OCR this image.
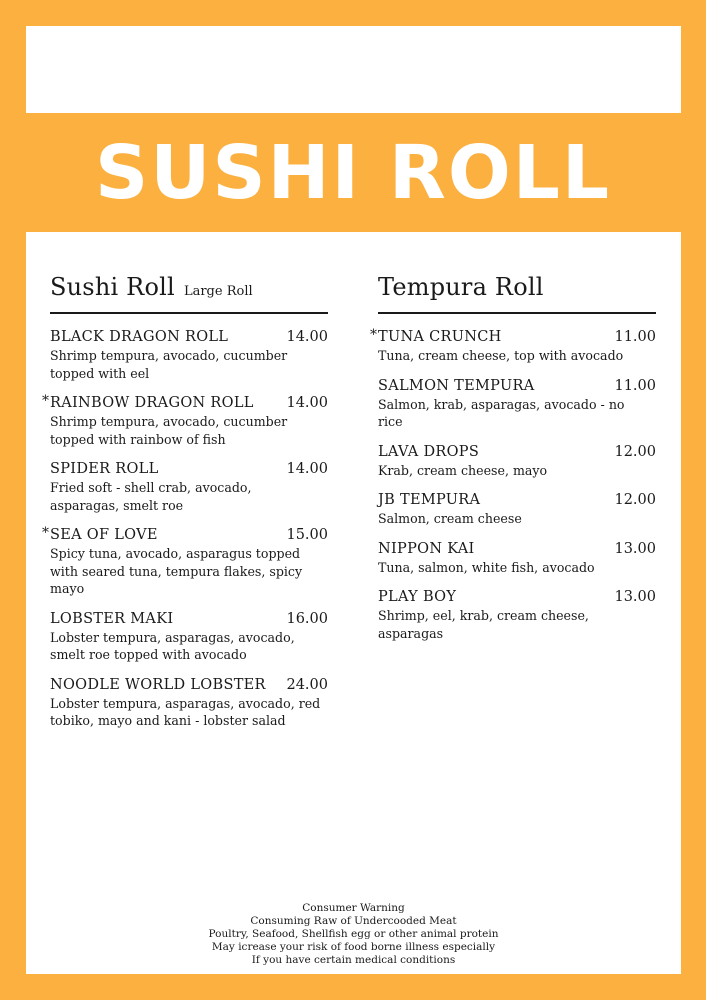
SUSHI ROLL
Sushi Roll Large Roll
BLACK DRAGON ROLL	14.00
Shrimp tempura, avocado, cucumber topped with eel
* RAINBOW DRAGON ROLL 14.00
Shrimp tempura, avocado, cucumber topped with rainbow of fish
SPIDER ROLL	14.00
Fried soft - shell crab, avocado, asparagas, smelt roe
* SEA OF LOVE	15.00
Spicy tuna, avocado, asparagus topped with seared tuna, tempura flakes, spicy mayo
LOBSTER MAKI	16.00
Lobster tempura, asparagas, avocado, smelt roe topped with avocado
NOODLE WORLD LOBSTER 24.00
Lobster tempura, asparagas, avocado, red tobiko, mayo and kani - lobster salad
Tempura Roll
* TUNA CRUNCH	11.00
Tuna, cream cheese, top with avocado
SALMON TEMPURA	11.00
Salmon, krab, asparagas, avocado - no rice
LAVA DROPS	12.00
Krab, cream cheese, mayo
JB TEMPURA	12.00
Salmon, cream cheese
NIPPON KAI	13.00
Tuna, salmon, white fish, avocado
PLAY BOY	13.00
Shrimp, eel, krab, cream cheese, asparagas
Consumer Warning
Consuming Raw of Undercooded Meat
Poultry, Seafood, Shellfish egg or other animal protein
May icrease your risk of food borne illness especially
If you have certain medical conditions
